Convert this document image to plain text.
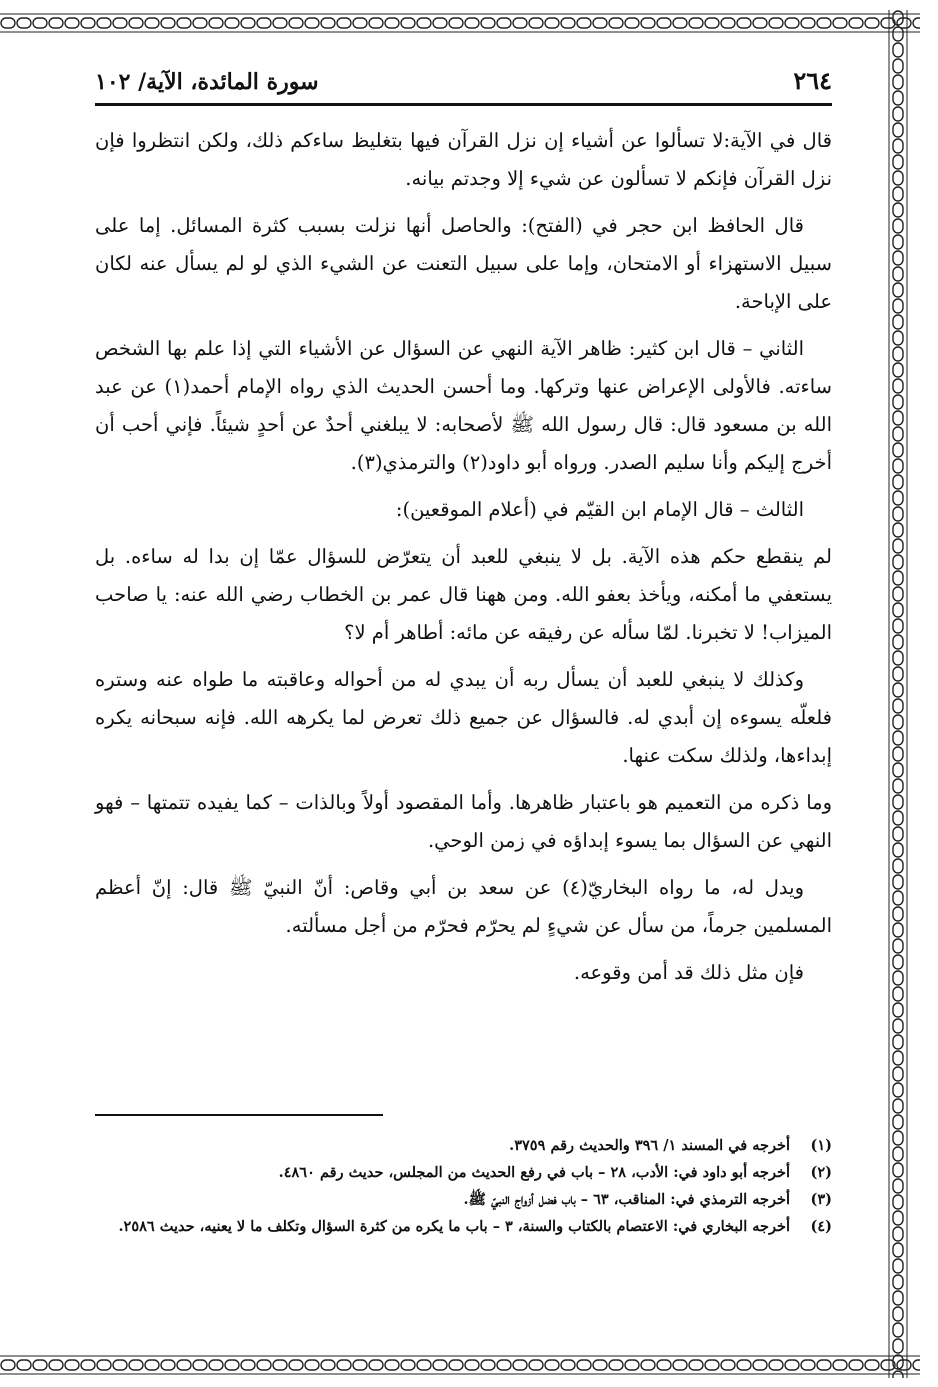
٢٦٤
سورة المائدة، الآية/ ١٠٢

قال في الآية:لا تسألوا عن أشياء إن نزل القرآن فيها بتغليظ ساءكم ذلك، ولكن انتظروا فإن نزل القرآن فإنكم لا تسألون عن شيء إلا وجدتم بيانه.

قال الحافظ ابن حجر في (الفتح): والحاصل أنها نزلت بسبب كثرة المسائل. إما على سبيل الاستهزاء أو الامتحان، وإما على سبيل التعنت عن الشيء الذي لو لم يسأل عنه لكان على الإباحة.

الثاني – قال ابن كثير: ظاهر الآية النهي عن السؤال عن الأشياء التي إذا علم بها الشخص ساءته. فالأولى الإعراض عنها وتركها. وما أحسن الحديث الذي رواه الإمام أحمد(١) عن عبد الله بن مسعود قال: قال رسول الله ﷺ لأصحابه: لا يبلغني أحدٌ عن أحدٍ شيئاً. فإني أحب أن أخرج إليكم وأنا سليم الصدر. ورواه أبو داود(٢) والترمذي(٣).

الثالث – قال الإمام ابن القيّم في (أعلام الموقعين):

لم ينقطع حكم هذه الآية. بل لا ينبغي للعبد أن يتعرّض للسؤال عمّا إن بدا له ساءه. بل يستعفي ما أمكنه، ويأخذ بعفو الله. ومن ههنا قال عمر بن الخطاب رضي الله عنه: يا صاحب الميزاب! لا تخبرنا. لمّا سأله عن رفيقه عن مائه: أطاهر أم لا؟

وكذلك لا ينبغي للعبد أن يسأل ربه أن يبدي له من أحواله وعاقبته ما طواه عنه وستره فلعلّه يسوءه إن أبدي له. فالسؤال عن جميع ذلك تعرض لما يكرهه الله. فإنه سبحانه يكره إبداءها، ولذلك سكت عنها.

وما ذكره من التعميم هو باعتبار ظاهرها. وأما المقصود أولاً وبالذات – كما يفيده تتمتها – فهو النهي عن السؤال بما يسوء إبداؤه في زمن الوحي.

ويدل له، ما رواه البخاريّ(٤) عن سعد بن أبي وقاص: أنّ النبيّ ﷺ قال: إنّ أعظم المسلمين جرماً، من سأل عن شيءٍ لم يحرّم فحرّم من أجل مسألته.

فإن مثل ذلك قد أمن وقوعه.

(١)
أخرجه في المسند ١/ ٣٩٦ والحديث رقم ٣٧٥٩.

(٢)
أخرجه أبو داود في: الأدب، ٢٨ – باب في رفع الحديث من المجلس، حديث رقم ٤٨٦٠.

(٣)
أخرجه الترمذي في: المناقب، ٦٣ – باب فضل أزواج النبيّ ﷺ.

(٤)
أخرجه البخاري في: الاعتصام بالكتاب والسنة، ٣ – باب ما يكره من كثرة السؤال وتكلف ما لا يعنيه، حديث ٢٥٨٦.
